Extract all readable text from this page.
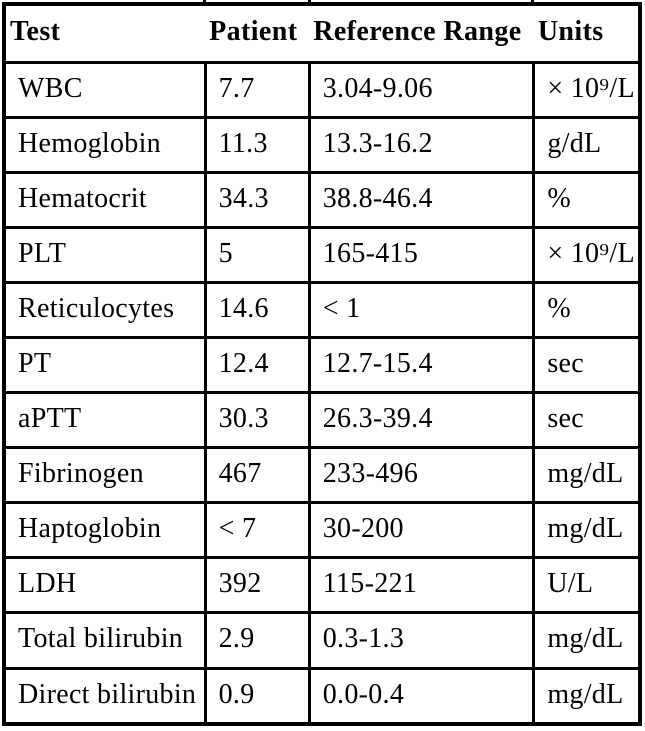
Test	Patient	Reference Range	Units
WBC	7.7	3.04-9.06	× 10⁹/L
Hemoglobin	11.3	13.3-16.2	g/dL
Hematocrit	34.3	38.8-46.4	%
PLT	5	165-415	× 10⁹/L
Reticulocytes	14.6	< 1	%
PT	12.4	12.7-15.4	sec
aPTT	30.3	26.3-39.4	sec
Fibrinogen	467	233-496	mg/dL
Haptoglobin	< 7	30-200	mg/dL
LDH	392	115-221	U/L
Total bilirubin	2.9	0.3-1.3	mg/dL
Direct bilirubin	0.9	0.0-0.4	mg/dL
